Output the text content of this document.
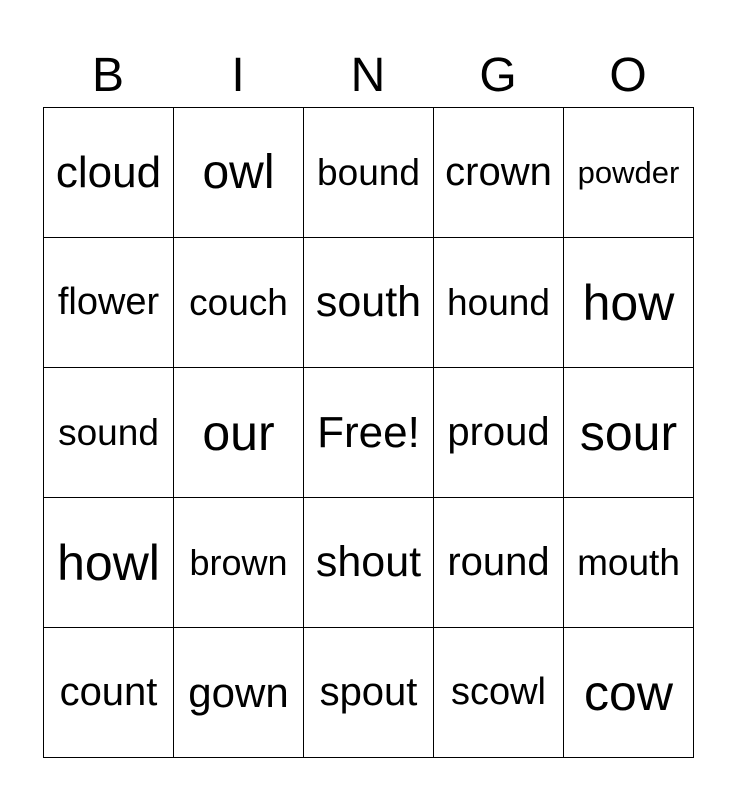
B	I	N	G	O
cloud owl bound crown powder
flower couch south hound how
sound our Free! proud sour
howl brown shout round mouth
count gown spout scowl cow
